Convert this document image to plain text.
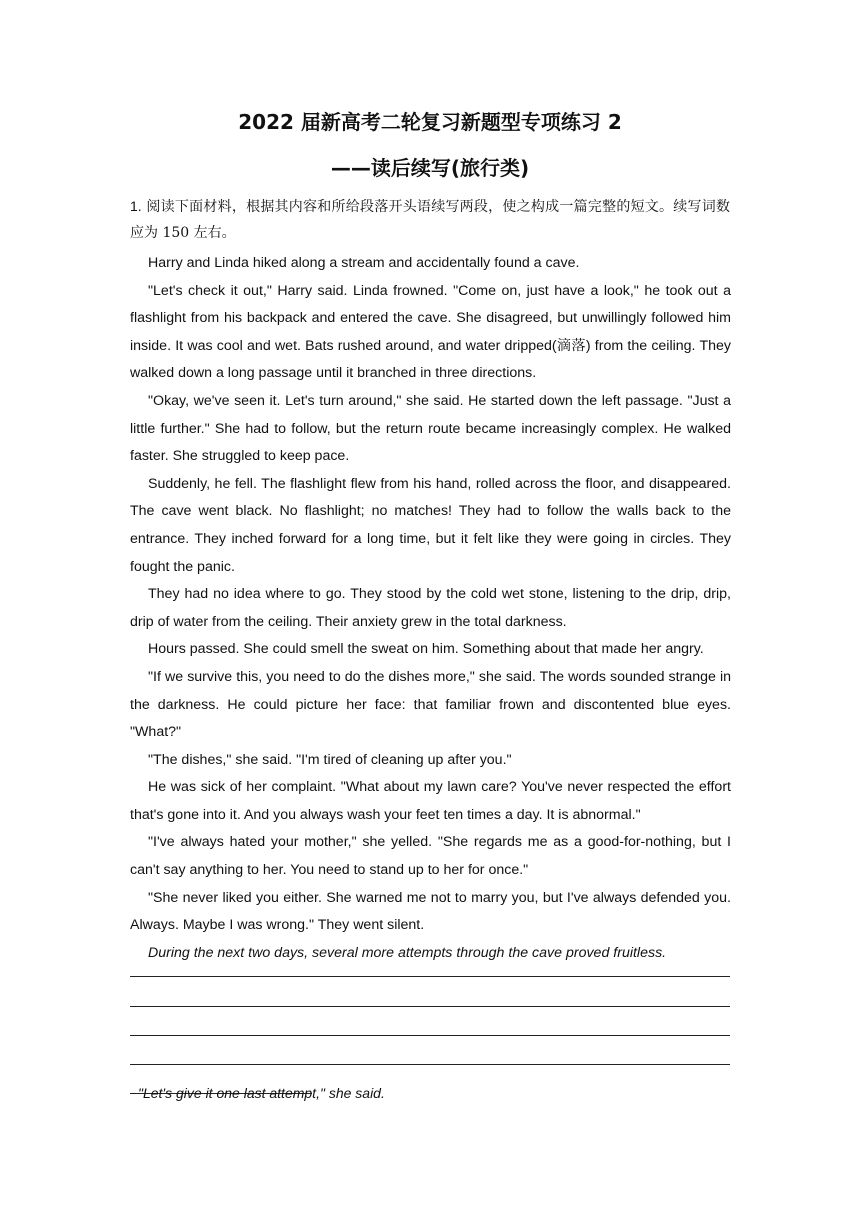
2022 届新高考二轮复习新题型专项练习 2
——读后续写(旅行类)
1. 阅读下面材料，根据其内容和所给段落开头语续写两段，使之构成一篇完整的短文。续写词数应为 150 左右。

Harry and Linda hiked along a stream and accidentally found a cave.

"Let's check it out," Harry said. Linda frowned. "Come on, just have a look," he took out a flashlight from his backpack and entered the cave. She disagreed, but unwillingly followed him inside. It was cool and wet. Bats rushed around, and water dripped(滴落) from the ceiling. They walked down a long passage until it branched in three directions.

"Okay, we've seen it. Let's turn around," she said. He started down the left passage. "Just a little further." She had to follow, but the return route became increasingly complex. He walked faster. She struggled to keep pace.

Suddenly, he fell. The flashlight flew from his hand, rolled across the floor, and disappeared. The cave went black. No flashlight; no matches! They had to follow the walls back to the entrance. They inched forward for a long time, but it felt like they were going in circles. They fought the panic.

They had no idea where to go. They stood by the cold wet stone, listening to the drip, drip, drip of water from the ceiling. Their anxiety grew in the total darkness.

Hours passed. She could smell the sweat on him. Something about that made her angry.

"If we survive this, you need to do the dishes more," she said. The words sounded strange in the darkness. He could picture her face: that familiar frown and discontented blue eyes. "What?"

"The dishes," she said. "I'm tired of cleaning up after you."

He was sick of her complaint. "What about my lawn care? You've never respected the effort that's gone into it. And you always wash your feet ten times a day. It is abnormal."

"I've always hated your mother," she yelled. "She regards me as a good-for-nothing, but I can't say anything to her. You need to stand up to her for once."

"She never liked you either. She warned me not to marry you, but I've always defended you. Always. Maybe I was wrong." They went silent.

During the next two days, several more attempts through the cave proved fruitless.

"Let's give it one last attempt," she said.
